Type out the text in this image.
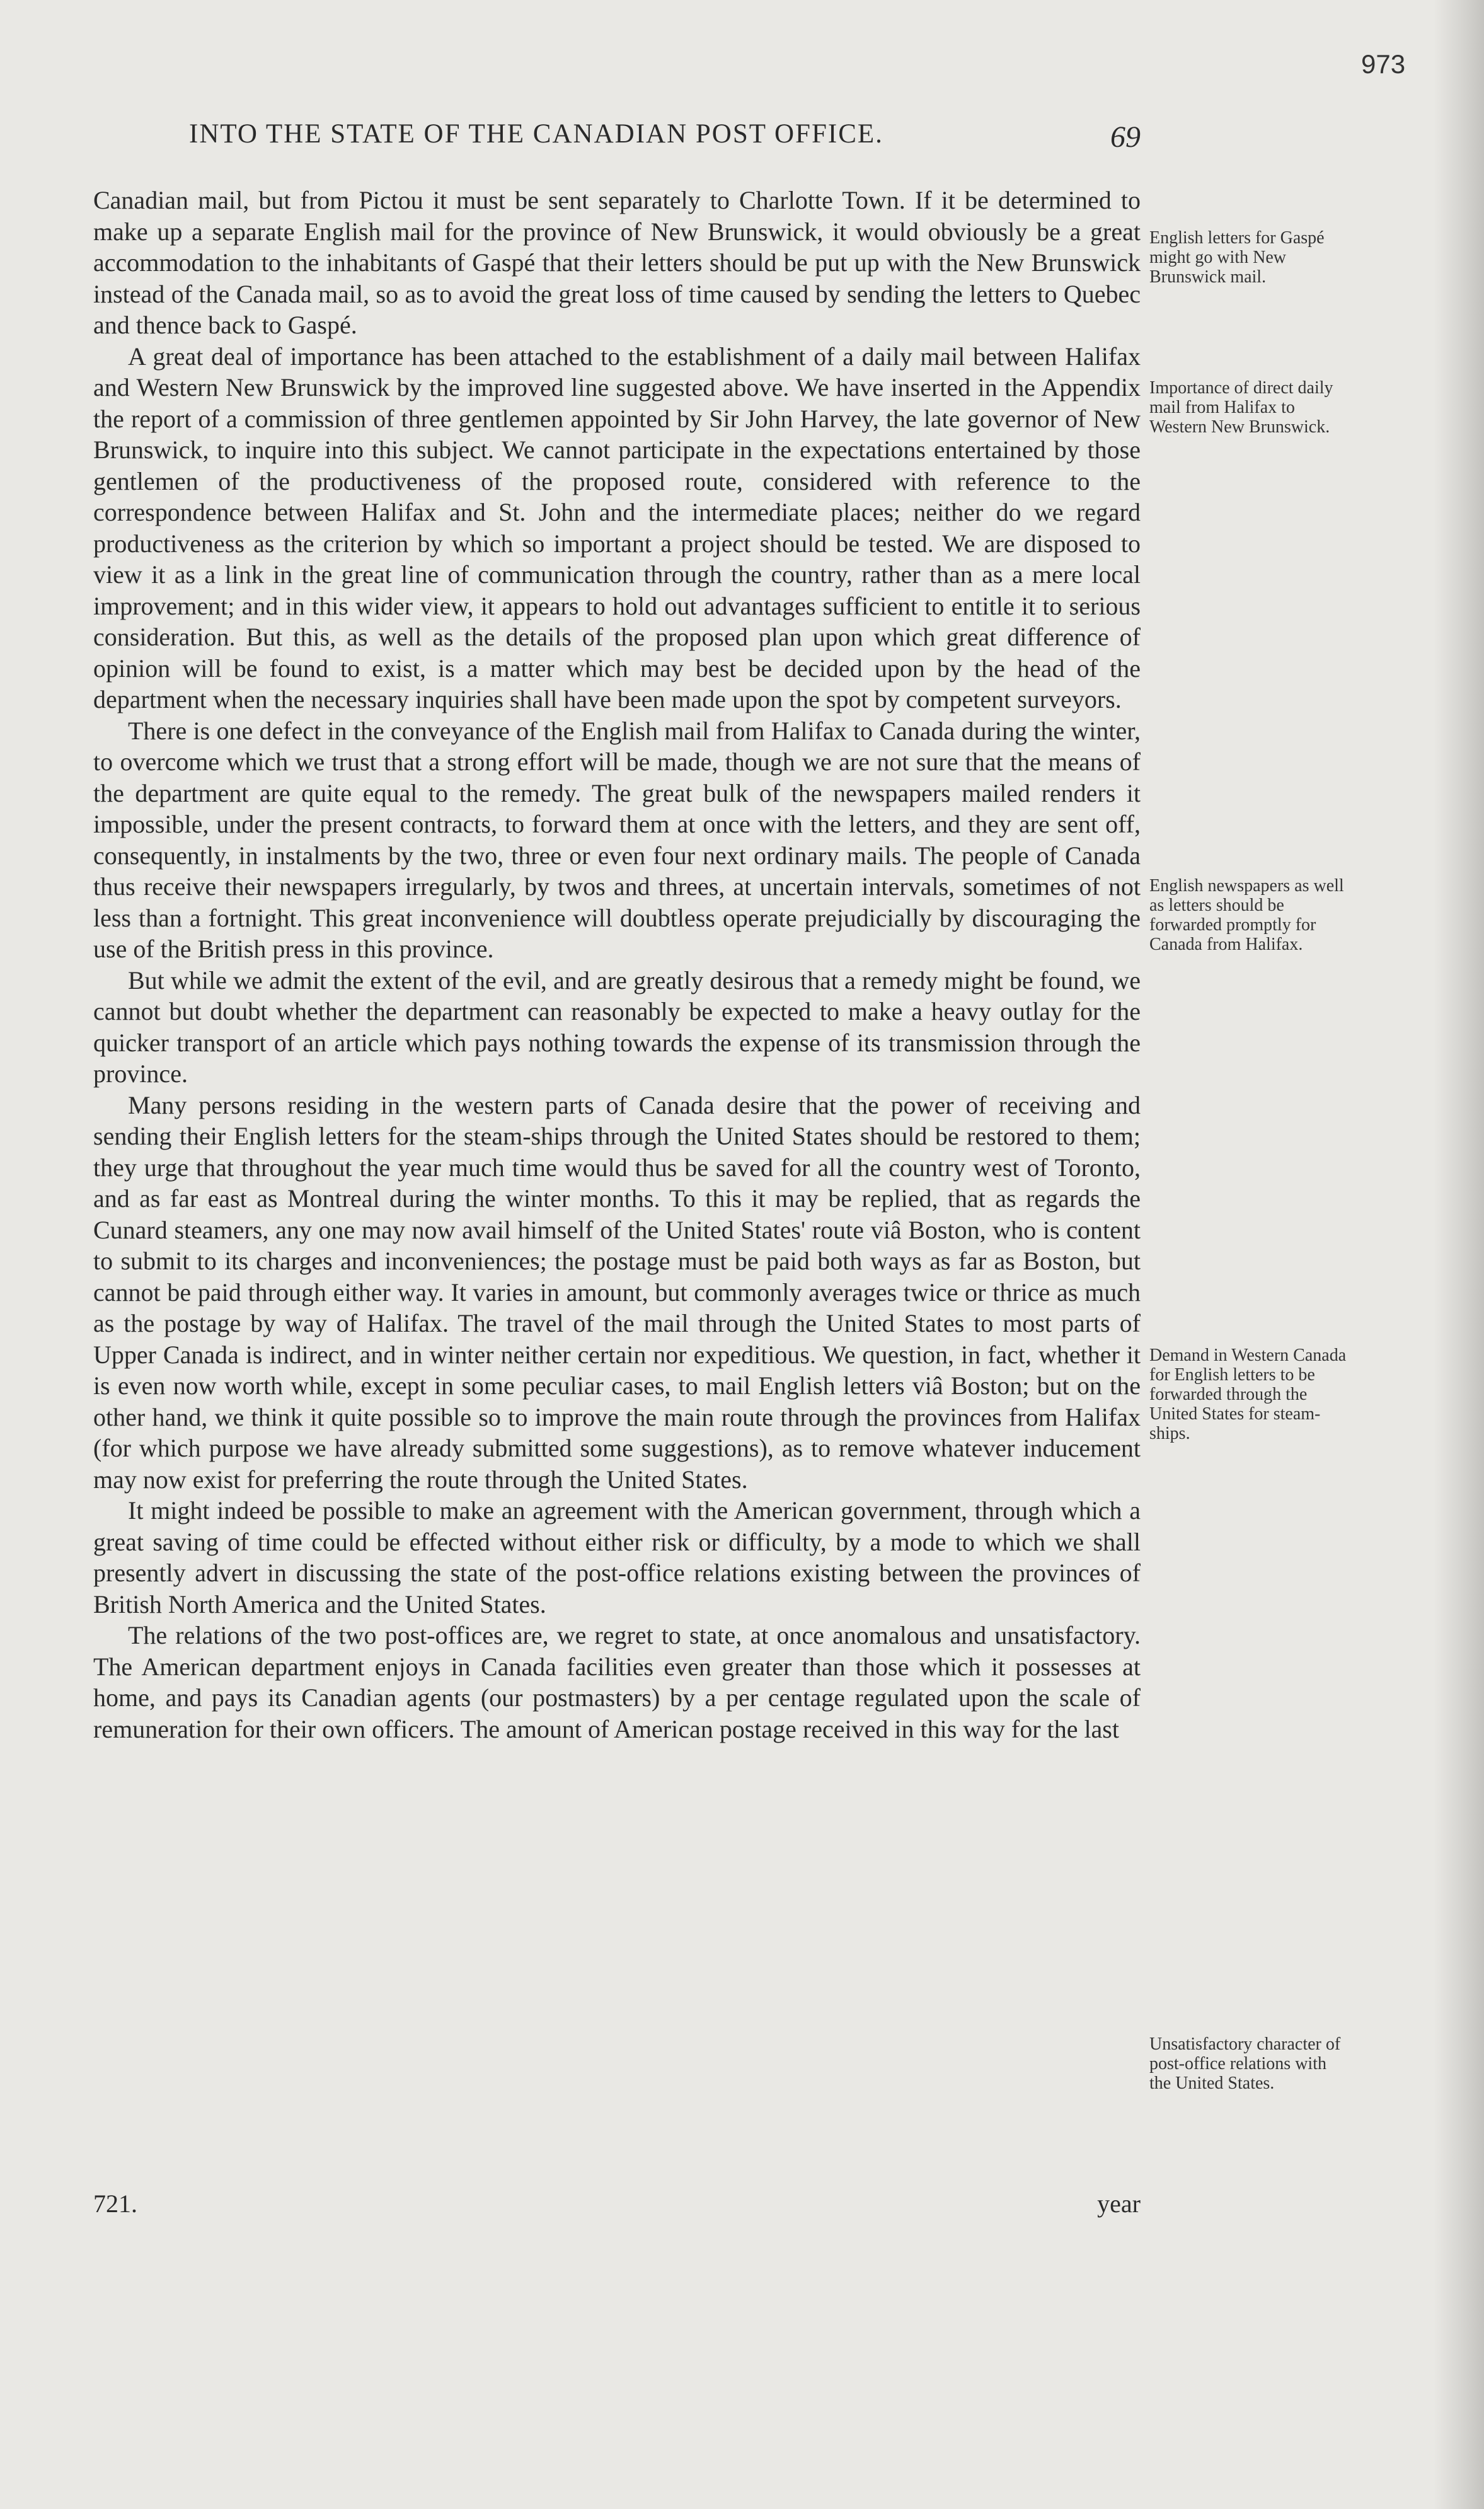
973
INTO THE STATE OF THE CANADIAN POST OFFICE.	69

Canadian mail, but from Pictou it must be sent separately to Charlotte Town. If it be determined to make up a separate English mail for the province of New Brunswick, it would obviously be a great accommodation to the inhabitants of Gaspé that their letters should be put up with the New Brunswick instead of the Canada mail, so as to avoid the great loss of time caused by sending the letters to Quebec and thence back to Gaspé.

A great deal of importance has been attached to the establishment of a daily mail between Halifax and Western New Brunswick by the improved line suggested above. We have inserted in the Appendix the report of a commission of three gentlemen appointed by Sir John Harvey, the late governor of New Brunswick, to inquire into this subject. We cannot participate in the expectations entertained by those gentlemen of the productiveness of the proposed route, considered with reference to the correspondence between Halifax and St. John and the intermediate places; neither do we regard productiveness as the criterion by which so important a project should be tested. We are disposed to view it as a link in the great line of communication through the country, rather than as a mere local improvement; and in this wider view, it appears to hold out advantages sufficient to entitle it to serious consideration. But this, as well as the details of the proposed plan upon which great difference of opinion will be found to exist, is a matter which may best be decided upon by the head of the department when the necessary inquiries shall have been made upon the spot by competent surveyors.

There is one defect in the conveyance of the English mail from Halifax to Canada during the winter, to overcome which we trust that a strong effort will be made, though we are not sure that the means of the department are quite equal to the remedy. The great bulk of the newspapers mailed renders it impossible, under the present contracts, to forward them at once with the letters, and they are sent off, consequently, in instalments by the two, three or even four next ordinary mails. The people of Canada thus receive their newspapers irregularly, by twos and threes, at uncertain intervals, sometimes of not less than a fortnight. This great inconvenience will doubtless operate prejudicially by discouraging the use of the British press in this province.

But while we admit the extent of the evil, and are greatly desirous that a remedy might be found, we cannot but doubt whether the department can reasonably be expected to make a heavy outlay for the quicker transport of an article which pays nothing towards the expense of its transmission through the province.

Many persons residing in the western parts of Canada desire that the power of receiving and sending their English letters for the steam-ships through the United States should be restored to them; they urge that throughout the year much time would thus be saved for all the country west of Toronto, and as far east as Montreal during the winter months. To this it may be replied, that as regards the Cunard steamers, any one may now avail himself of the United States' route viâ Boston, who is content to submit to its charges and inconveniences; the postage must be paid both ways as far as Boston, but cannot be paid through either way. It varies in amount, but commonly averages twice or thrice as much as the postage by way of Halifax. The travel of the mail through the United States to most parts of Upper Canada is indirect, and in winter neither certain nor expeditious. We question, in fact, whether it is even now worth while, except in some peculiar cases, to mail English letters viâ Boston; but on the other hand, we think it quite possible so to improve the main route through the provinces from Halifax (for which purpose we have already submitted some suggestions), as to remove whatever inducement may now exist for preferring the route through the United States.

It might indeed be possible to make an agreement with the American government, through which a great saving of time could be effected without either risk or difficulty, by a mode to which we shall presently advert in discussing the state of the post-office relations existing between the provinces of British North America and the United States.

The relations of the two post-offices are, we regret to state, at once anomalous and unsatisfactory. The American department enjoys in Canada facilities even greater than those which it possesses at home, and pays its Canadian agents (our postmasters) by a per centage regulated upon the scale of remuneration for their own officers. The amount of American postage received in this way for the last

English letters for Gaspé might go with New Brunswick mail.
Importance of direct daily mail from Halifax to Western New Brunswick.
English newspapers as well as letters should be forwarded promptly for Canada from Halifax.
Demand in Western Canada for English letters to be forwarded through the United States for steam-ships.
Unsatisfactory character of post-office relations with the United States.
721.	year
